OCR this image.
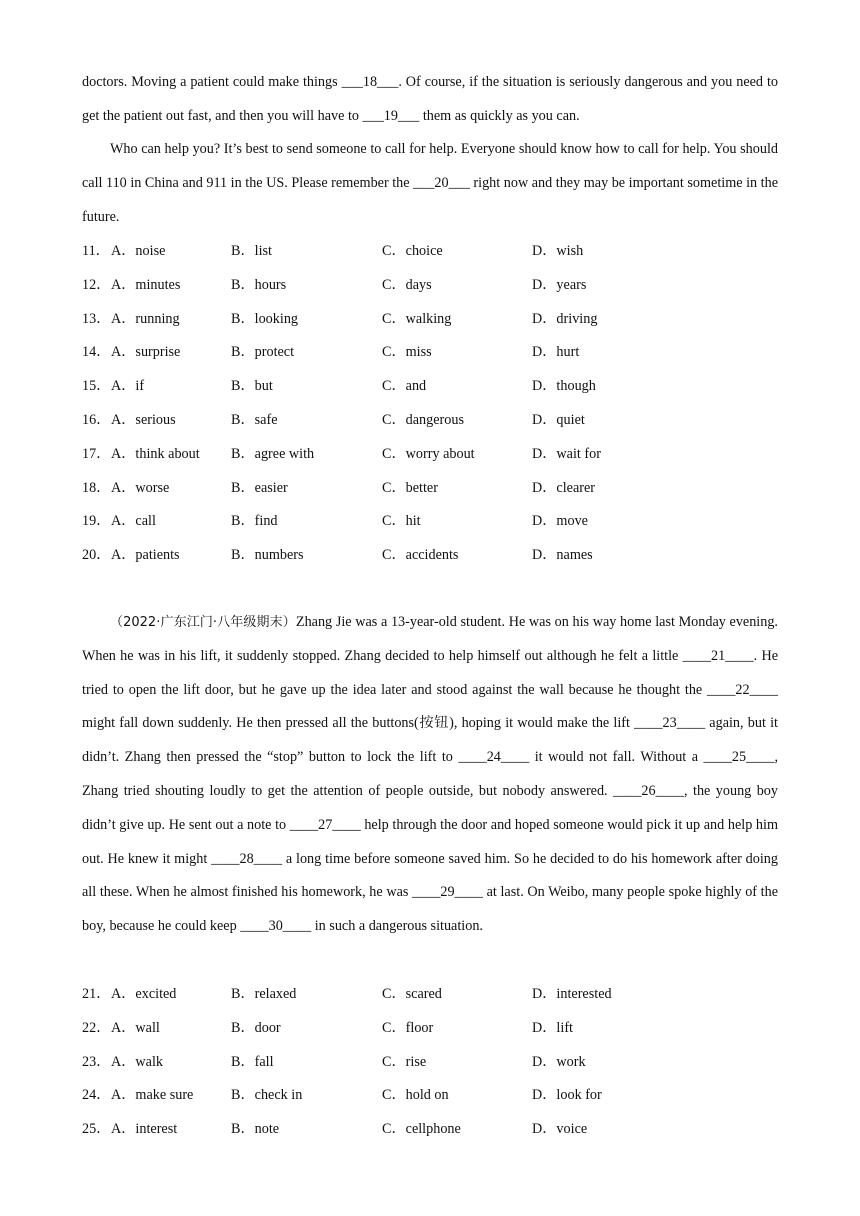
doctors. Moving a patient could make things ___18___. Of course, if the situation is seriously dangerous and you need to get the patient out fast, and then you will have to ___19___ them as quickly as you can.

Who can help you? It’s best to send someone to call for help. Everyone should know how to call for help. You should call 110 in China and 911 in the US. Please remember the ___20___ right now and they may be important sometime in the future.

11． A．noise	B．list	C．choice	D．wish
12． A．minutes	B．hours	C．days	D．years
13． A．running	B．looking	C．walking	D．driving
14． A．surprise	B．protect	C．miss	D．hurt
15． A．if	B．but	C．and	D．though
16． A．serious	B．safe	C．dangerous	D．quiet
17． A．think about B．agree with	C．worry about	D．wait for
18． A．worse	B．easier	C．better	D．clearer
19． A．call	B．find	C．hit	D．move
20． A．patients	B．numbers	C．accidents	D．names

（2022·广东江门·八年级期末）Zhang Jie was a 13-year-old student. He was on his way home last Monday evening. When he was in his lift, it suddenly stopped. Zhang decided to help himself out although he felt a little ____21____. He tried to open the lift door, but he gave up the idea later and stood against the wall because he thought the ____22____ might fall down suddenly. He then pressed all the buttons(按钮), hoping it would make the lift ____23____ again, but it didn’t. Zhang then pressed the “stop” button to lock the lift to ____24____ it would not fall. Without a ____25____, Zhang tried shouting loudly to get the attention of people outside, but nobody answered. ____26____, the young boy didn’t give up. He sent out a note to ____27____ help through the door and hoped someone would pick it up and help him out. He knew it might ____28____ a long time before someone saved him. So he decided to do his homework after doing all these. When he almost finished his homework, he was ____29____ at last. On Weibo, many people spoke highly of the boy, because he could keep ____30____ in such a dangerous situation.

21． A．excited	B．relaxed	C．scared	D．interested
22． A．wall	B．door	C．floor	D．lift
23． A．walk	B．fall	C．rise	D．work
24． A．make sure	B．check in	C．hold on	D．look for
25． A．interest	B．note	C．cellphone	D．voice
